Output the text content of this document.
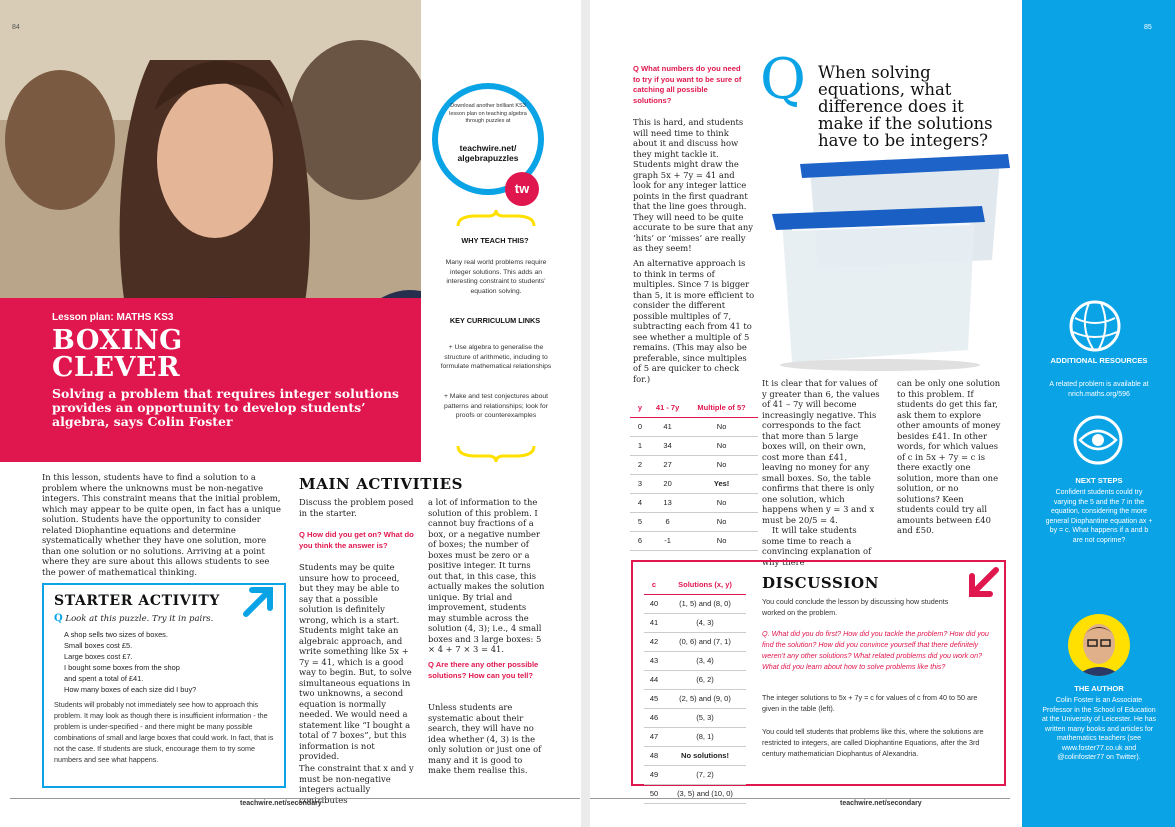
84
Lesson plan: MATHS KS3
BOXING
CLEVER

Solving a problem that requires integer solutions provides an opportunity to develop students’ algebra, says Colin Foster

Download another brilliant KS3 lesson plan on teaching algebra through puzzles at
teachwire.net/ algebrapuzzles
tw
WHY TEACH THIS?
Many real world problems require integer solutions. This adds an interesting constraint to students’ equation solving.
KEY CURRICULUM LINKS
+ Use algebra to generalise the structure of arithmetic, including to formulate mathematical relationships
+ Make and test conjectures about patterns and relationships; look for proofs or counterexamples
In this lesson, students have to find a solution to a problem where the unknowns must be non-negative integers. This constraint means that the initial problem, which may appear to be quite open, in fact has a unique solution. Students have the opportunity to consider related Diophantine equations and determine systematically whether they have one solution, more than one solution or no solutions. Arriving at a point where they are sure about this allows students to see the power of mathematical thinking.
STARTER ACTIVITY
Q Look at this puzzle. Try it in pairs.
A shop sells two sizes of boxes.
Small boxes cost £5.
Large boxes cost £7.
I bought some boxes from the shop
and spent a total of £41.
How many boxes of each size did I buy?
Students will probably not immediately see how to approach this problem. It may look as though there is insufficient information - the problem is under-specified - and there might be many possible combinations of small and large boxes that could work. In fact, that is not the case. If students are stuck, encourage them to try some numbers and see what happens.
MAIN ACTIVITIES
Discuss the problem posed in the starter.
Q How did you get on? What do you think the answer is?
Students may be quite unsure how to proceed, but they may be able to say that a possible solution is definitely wrong, which is a start. Students might take an algebraic approach, and write something like 5x + 7y = 41, which is a good way to begin. But, to solve simultaneous equations in two unknowns, a second equation is normally needed. We would need a statement like “I bought a total of 7 boxes”, but this information is not provided.
The constraint that x and y must be non-negative integers actually contributes
a lot of information to the solution of this problem. I cannot buy fractions of a box, or a negative number of boxes; the number of boxes must be zero or a positive integer. It turns out that, in this case, this actually makes the solution unique. By trial and improvement, students may stumble across the solution (4, 3); i.e., 4 small boxes and 3 large boxes: 5 × 4 + 7 × 3 = 41.
Q Are there any other possible solutions? How can you tell?
Unless students are systematic about their search, they will have no idea whether (4, 3) is the only solution or just one of many and it is good to make them realise this.
teachwire.net/secondary
Q What numbers do you need to try if you want to be sure of catching all possible solutions?
This is hard, and students will need time to think about it and discuss how they might tackle it. Students might draw the graph 5x + 7y = 41 and look for any integer lattice points in the first quadrant that the line goes through. They will need to be quite accurate to be sure that any ‘hits’ or ‘misses’ are really as they seem!
An alternative approach is to think in terms of multiples. Since 7 is bigger than 5, it is more efficient to consider the different possible multiples of 7, subtracting each from 41 to see whether a multiple of 5 remains. (This may also be preferable, since multiples of 5 are quicker to check for.)
y	41 - 7y	Multiple of 5?
0	41	No
1	34	No
2	27	No
3	20	Yes!
4	13	No
5	6	No
6	-1	No
Q When solving equations, what difference does it make if the solutions have to be integers?
It is clear that for values of y greater than 6, the values of 41 – 7y will become increasingly negative. This corresponds to the fact that more than 5 large boxes will, on their own, cost more than £41, leaving no money for any small boxes. So, the table confirms that there is only one solution, which happens when y = 3 and x must be 20/5 = 4.
It will take students some time to reach a convincing explanation of why there
can be only one solution to this problem. If students do get this far, ask them to explore other amounts of money besides £41. In other words, for which values of c in 5x + 7y = c is there exactly one solution, more than one solution, or no solutions? Keen students could try all amounts between £40 and £50.
c	Solutions (x, y)
40	(1, 5) and (8, 0)
41	(4, 3)
42	(0, 6) and (7, 1)
43	(3, 4)
44	(6, 2)
45	(2, 5) and (9, 0)
46	(5, 3)
47	(8, 1)
48	No solutions!
49	(7, 2)
50	(3, 5) and (10, 0)
DISCUSSION
You could conclude the lesson by discussing how students worked on the problem.
Q. What did you do first? How did you tackle the problem? How did you find the solution? How did you convince yourself that there definitely weren’t any other solutions? What related problems did you work on? What did you learn about how to solve problems like this?
The integer solutions to 5x + 7y = c for values of c from 40 to 50 are given in the table (left).
You could tell students that problems like this, where the solutions are restricted to integers, are called Diophantine Equations, after the 3rd century mathematician Diophantus of Alexandria.
teachwire.net/secondary
85
ADDITIONAL RESOURCES
A related problem is available at nrich.maths.org/596
NEXT STEPS
Confident students could try varying the 5 and the 7 in the equation, considering the more general Diophantine equation ax + by = c. What happens if a and b are not coprime?
THE AUTHOR
Colin Foster is an Associate Professor in the School of Education at the University of Leicester. He has written many books and articles for mathematics teachers (see www.foster77.co.uk and @colinfoster77 on Twitter).
